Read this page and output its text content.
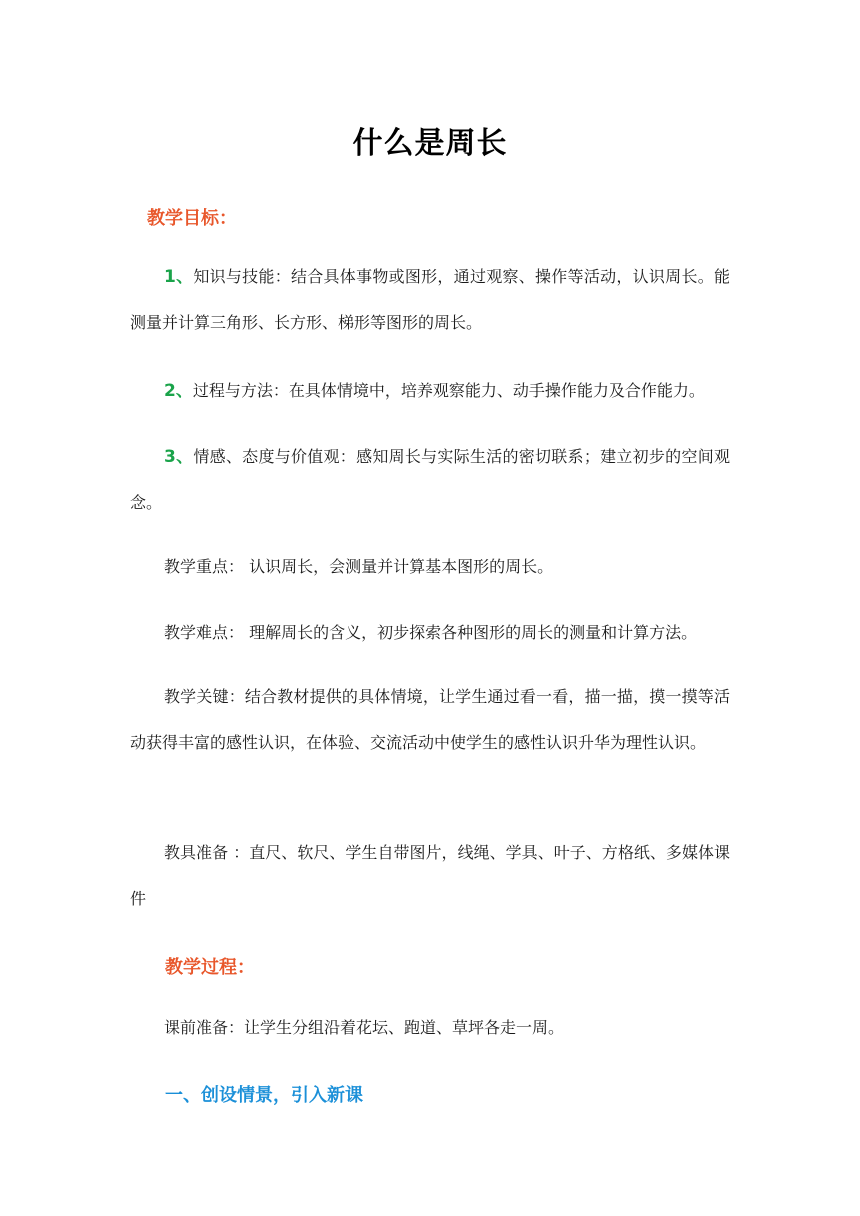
什么是周长
教学目标：
1、知识与技能：结合具体事物或图形，通过观察、操作等活动，认识周长。能测量并计算三角形、长方形、梯形等图形的周长。
2、过程与方法：在具体情境中，培养观察能力、动手操作能力及合作能力。
3、情感、态度与价值观：感知周长与实际生活的密切联系；建立初步的空间观念。
教学重点： 认识周长，会测量并计算基本图形的周长。
教学难点： 理解周长的含义，初步探索各种图形的周长的测量和计算方法。
教学关键：结合教材提供的具体情境，让学生通过看一看，描一描，摸一摸等活动获得丰富的感性认识，在体验、交流活动中使学生的感性认识升华为理性认识。
教具准备 ：直尺、软尺、学生自带图片，线绳、学具、叶子、方格纸、多媒体课件
教学过程：
课前准备：让学生分组沿着花坛、跑道、草坪各走一周。
一、创设情景，引入新课
